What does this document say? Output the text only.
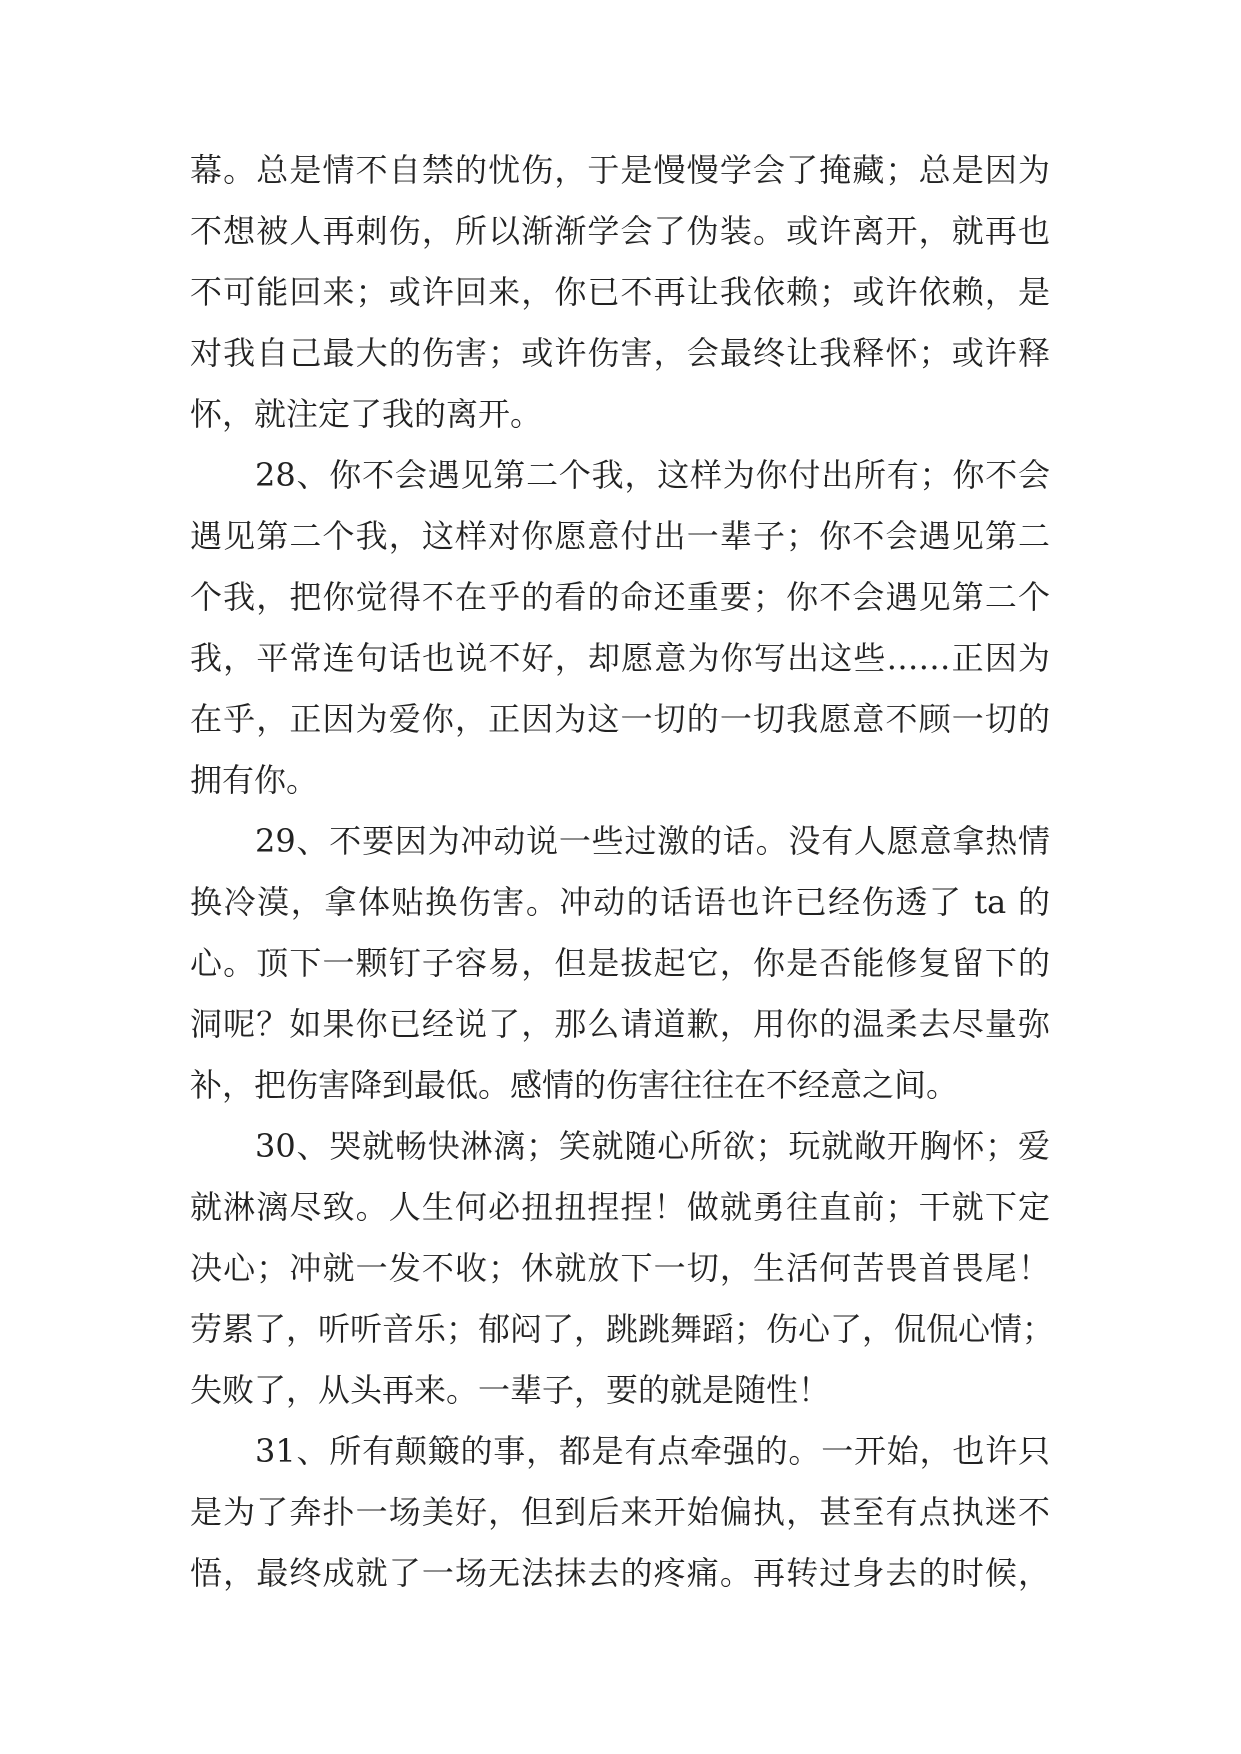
幕。总是情不自禁的忧伤，于是慢慢学会了掩藏；总是因为
不想被人再刺伤，所以渐渐学会了伪装。或许离开，就再也
不可能回来；或许回来，你已不再让我依赖；或许依赖，是
对我自己最大的伤害；或许伤害，会最终让我释怀；或许释
怀，就注定了我的离开。
28、你不会遇见第二个我，这样为你付出所有；你不会
遇见第二个我，这样对你愿意付出一辈子；你不会遇见第二
个我，把你觉得不在乎的看的命还重要；你不会遇见第二个
我，平常连句话也说不好，却愿意为你写出这些……正因为
在乎，正因为爱你，正因为这一切的一切我愿意不顾一切的
拥有你。
29、不要因为冲动说一些过激的话。没有人愿意拿热情
换冷漠，拿体贴换伤害。冲动的话语也许已经伤透了 ta 的
心。顶下一颗钉子容易，但是拔起它，你是否能修复留下的
洞呢？如果你已经说了，那么请道歉，用你的温柔去尽量弥
补，把伤害降到最低。感情的伤害往往在不经意之间。
30、哭就畅快淋漓；笑就随心所欲；玩就敞开胸怀；爱
就淋漓尽致。人生何必扭扭捏捏！做就勇往直前；干就下定
决心；冲就一发不收；休就放下一切，生活何苦畏首畏尾！
劳累了，听听音乐；郁闷了，跳跳舞蹈；伤心了，侃侃心情；
失败了，从头再来。一辈子，要的就是随性！
31、所有颠簸的事，都是有点牵强的。一开始，也许只
是为了奔扑一场美好，但到后来开始偏执，甚至有点执迷不
悟，最终成就了一场无法抹去的疼痛。再转过身去的时候，
